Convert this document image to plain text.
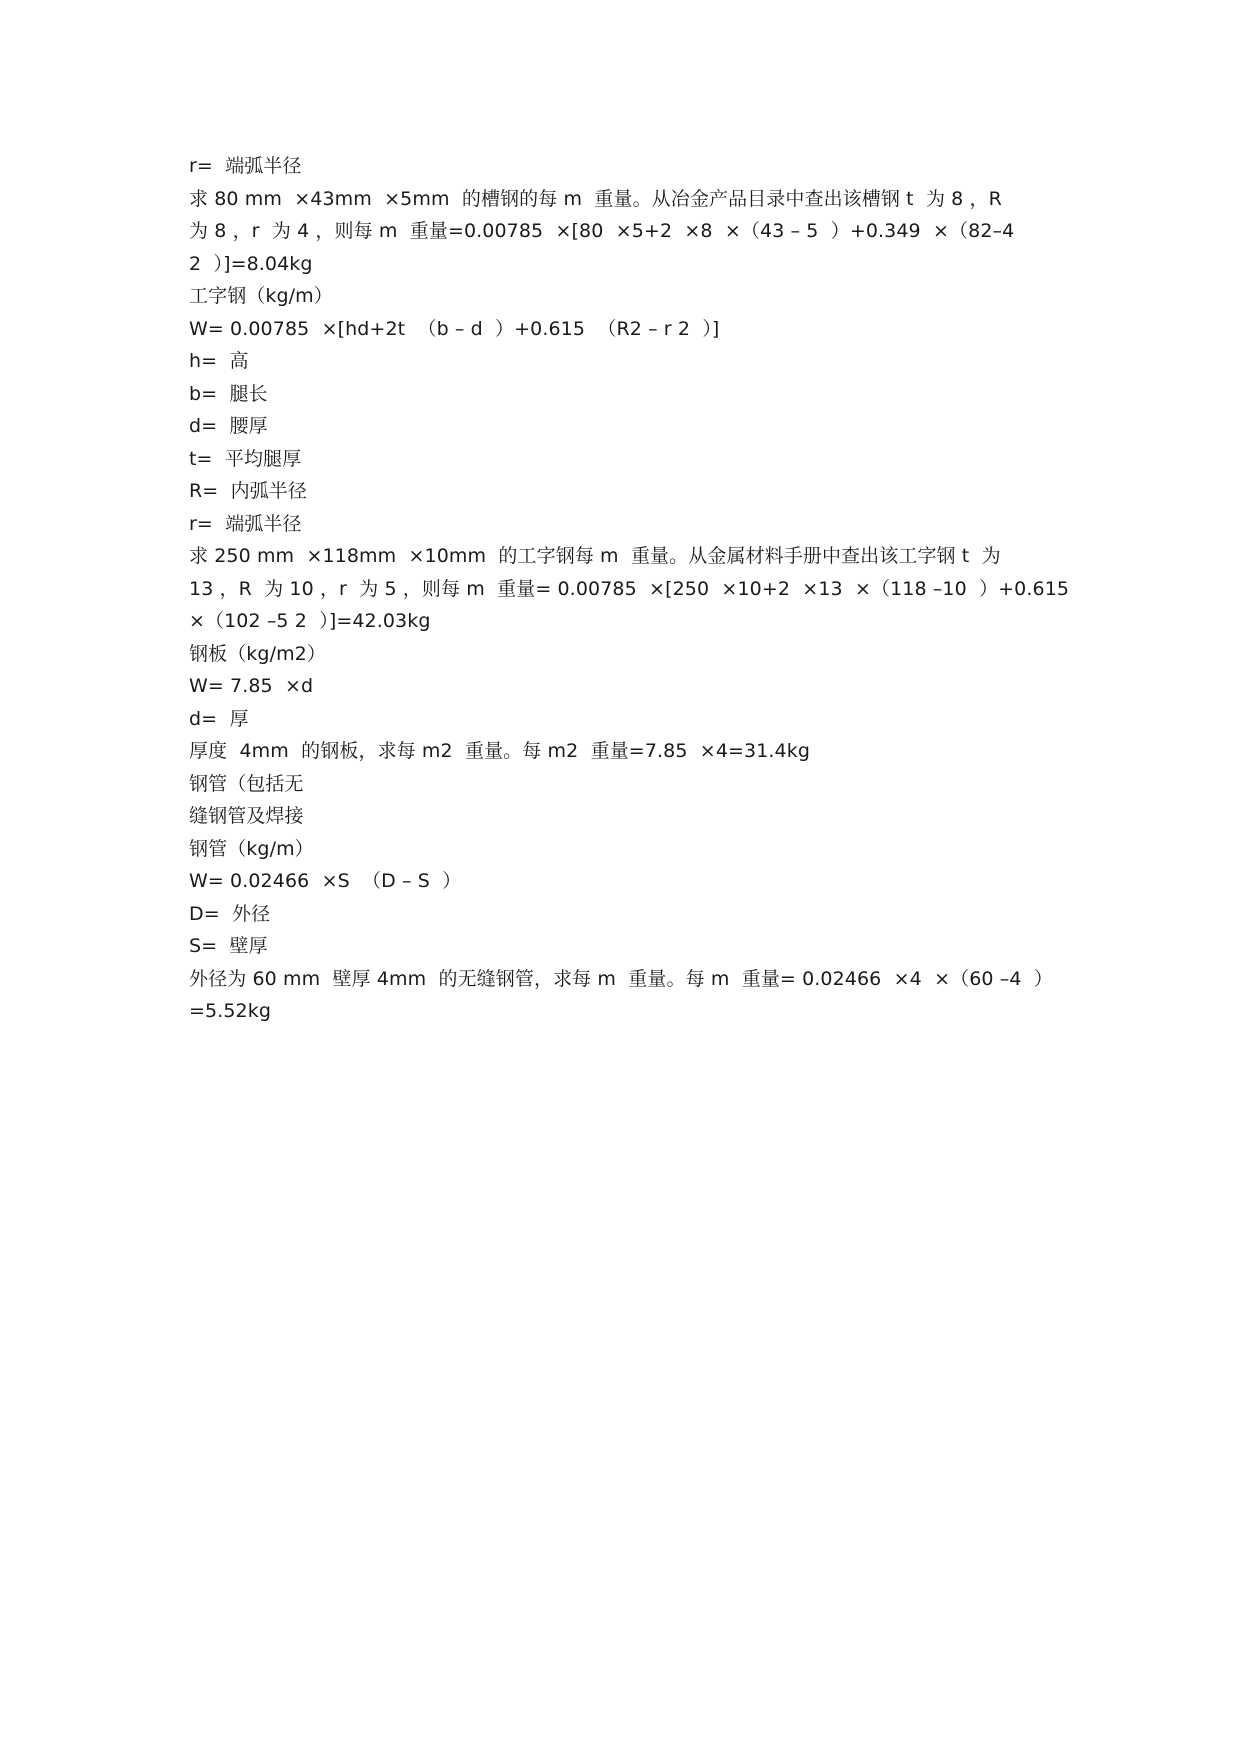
r=  端弧半径
求 80 mm  ×43mm  ×5mm  的槽钢的每 m  重量。从冶金产品目录中查出该槽钢 t  为 8 ，R
为 8 ，r  为 4 ，则每 m  重量=0.00785  ×[80  ×5+2  ×8  ×（43 – 5  ）+0.349  ×（82–4
2  ）]=8.04kg
工字钢（kg/m）
W= 0.00785  ×[hd+2t  （b – d  ）+0.615  （R2 – r 2  ）]
h=  高
b=  腿长
d=  腰厚
t=  平均腿厚
R=  内弧半径
r=  端弧半径
求 250 mm  ×118mm  ×10mm  的工字钢每 m  重量。从金属材料手册中查出该工字钢 t  为
13 ，R  为 10 ，r  为 5 ，则每 m  重量= 0.00785  ×[250  ×10+2  ×13  ×（118 –10  ）+0.615
×（102 –5 2  ）]=42.03kg
钢板（kg/m2）
W= 7.85  ×d
d=  厚
厚度  4mm  的钢板，求每 m2  重量。每 m2  重量=7.85  ×4=31.4kg
钢管（包括无
缝钢管及焊接
钢管（kg/m）
W= 0.02466  ×S  （D – S  ）
D=  外径
S=  壁厚
外径为 60 mm  壁厚 4mm  的无缝钢管，求每 m  重量。每 m  重量= 0.02466  ×4  ×（60 –4  ）
=5.52kg
